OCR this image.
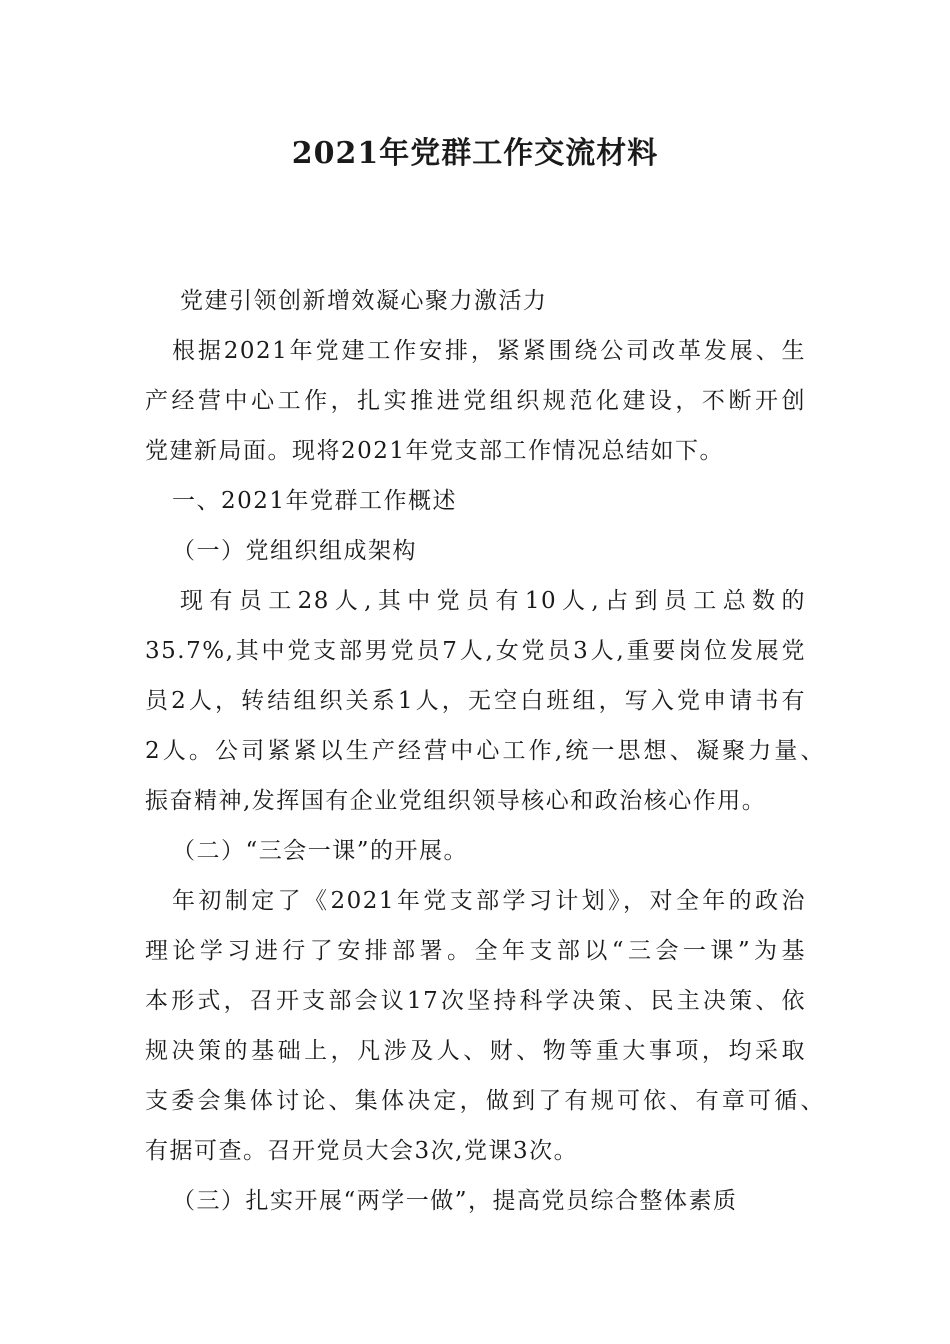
2021年党群工作交流材料
党建引领创新增效凝心聚力激活力
根据2021年党建工作安排，紧紧围绕公司改革发展、生
产经营中心工作，扎实推进党组织规范化建设，不断开创
党建新局面。现将2021年党支部工作情况总结如下。
一、2021年党群工作概述
（一）党组织组成架构
现有员工28人,其中党员有10人,占到员工总数的
35.7%,其中党支部男党员7人,女党员3人,重要岗位发展党
员2人，转结组织关系1人，无空白班组，写入党申请书有
2人。公司紧紧以生产经营中心工作,统一思想、凝聚力量、
振奋精神,发挥国有企业党组织领导核心和政治核心作用。
（二）“三会一课”的开展。
年初制定了《2021年党支部学习计划》，对全年的政治
理论学习进行了安排部署。全年支部以“三会一课”为基
本形式，召开支部会议17次坚持科学决策、民主决策、依
规决策的基础上，凡涉及人、财、物等重大事项，均采取
支委会集体讨论、集体决定，做到了有规可依、有章可循、
有据可查。召开党员大会3次,党课3次。
（三）扎实开展“两学一做”，提高党员综合整体素质
